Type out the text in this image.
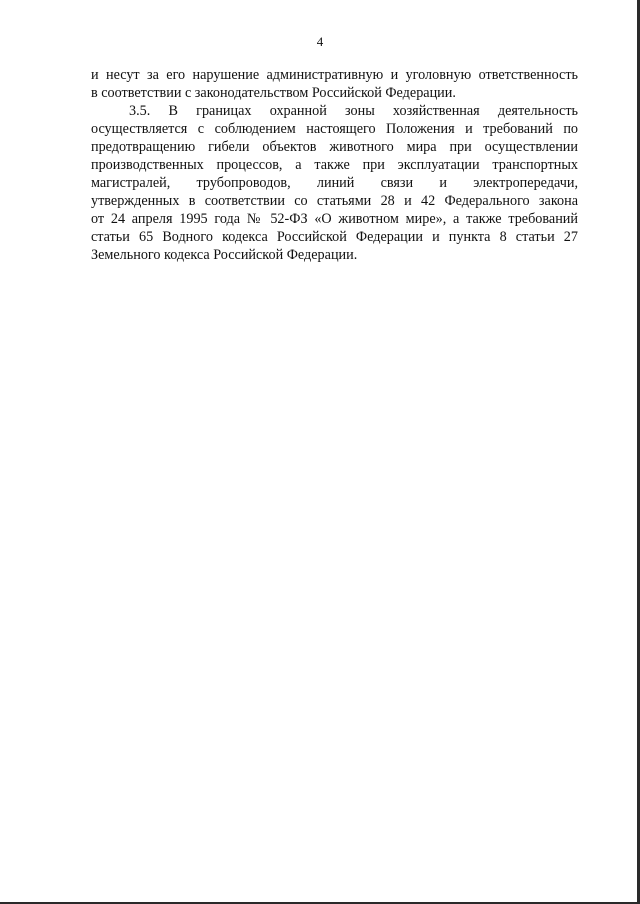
4
и несут за его нарушение административную и уголовную ответственность
в соответствии с законодательством Российской Федерации.
3.5. В границах охранной зоны хозяйственная деятельность
осуществляется с соблюдением настоящего Положения и требований по
предотвращению гибели объектов животного мира при осуществлении
производственных процессов, а также при эксплуатации транспортных
магистралей, трубопроводов, линий связи и электропередачи,
утвержденных в соответствии со статьями 28 и 42 Федерального закона
от 24 апреля 1995 года № 52-ФЗ «О животном мире», а также требований
статьи 65 Водного кодекса Российской Федерации и пункта 8 статьи 27
Земельного кодекса Российской Федерации.
